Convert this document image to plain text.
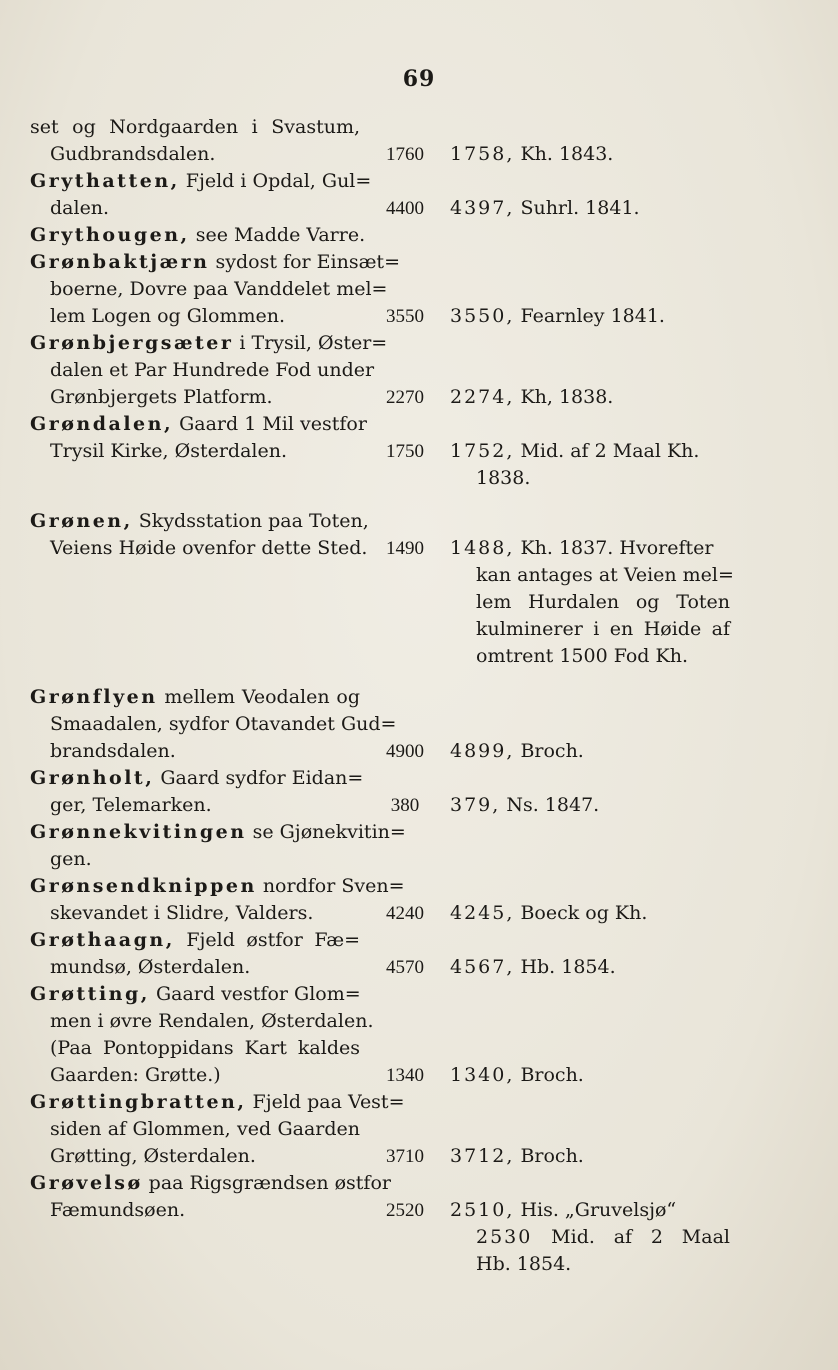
69
set og Nordgaarden i Svastum,
Gudbrandsdalen.	1760	1758, Kh. 1843.
Grythatten, Fjeld i Opdal, Gul=
dalen.	4400	4397, Suhrl. 1841.
Grythougen, see Madde Varre.
Grønbaktjærn sydost for Einsæt=
boerne, Dovre paa Vanddelet mel=
lem Logen og Glommen.	3550	3550, Fearnley 1841.
Grønbjergsæter i Trysil, Øster=
dalen et Par Hundrede Fod under
Grønbjergets Platform.	2270	2274, Kh, 1838.
Grøndalen, Gaard 1 Mil vestfor
Trysil Kirke, Østerdalen.	1750	1752, Mid. af 2 Maal Kh.
1838.
Grønen, Skydsstation paa Toten,
Veiens Høide ovenfor dette Sted. 1490	1488, Kh. 1837. Hvorefter
kan antages at Veien mel=
lem Hurdalen og Toten
kulminerer i en Høide af
omtrent 1500 Fod Kh.
Grønflyen mellem Veodalen og
Smaadalen, sydfor Otavandet Gud=
brandsdalen.	4900	4899, Broch.
Grønholt, Gaard sydfor Eidan=
ger, Telemarken.	380	379, Ns. 1847.
Grønnekvitingen se Gjønekvitin=
gen.
Grønsendknippen nordfor Sven=
skevandet i Slidre, Valders.	4240	4245, Boeck og Kh.
Grøthaagn, Fjeld østfor Fæ=
mundsø, Østerdalen.	4570	4567, Hb. 1854.
Grøtting, Gaard vestfor Glom=
men i øvre Rendalen, Østerdalen.
(Paa Pontoppidans Kart kaldes
Gaarden: Grøtte.)	1340	1340, Broch.
Grøttingbratten, Fjeld paa Vest=
siden af Glommen, ved Gaarden
Grøtting, Østerdalen.	3710	3712, Broch.
Grøvelsø paa Rigsgrændsen østfor
Fæmundsøen.	2520	2510, His. „Gruvelsjø“
2530 Mid. af 2 Maal
Hb. 1854.
